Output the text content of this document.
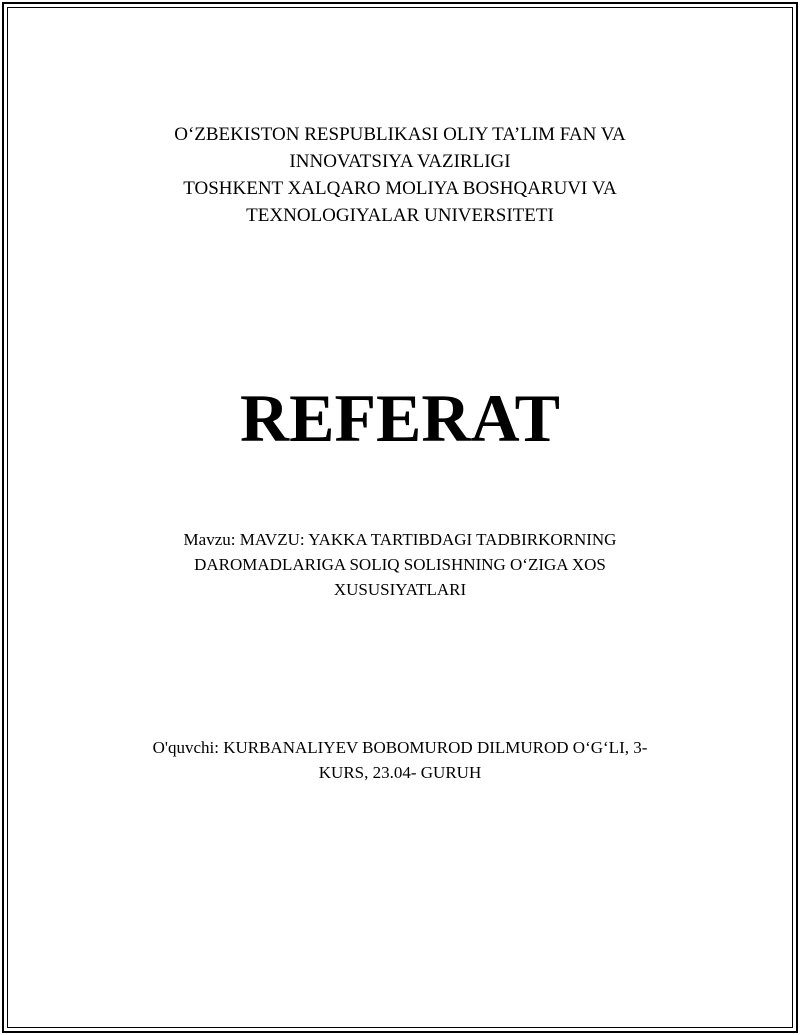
O‘ZBEKISTON RESPUBLIKASI OLIY TA’LIM FAN VA
INNOVATSIYA VAZIRLIGI
TOSHKENT XALQARO MOLIYA BOSHQARUVI VA
TEXNOLOGIYALAR UNIVERSITETI
REFERAT
Mavzu: MAVZU: YAKKA TARTIBDAGI TADBIRKORNING
DAROMADLARIGA SOLIQ SOLISHNING O‘ZIGA XOS
XUSUSIYATLARI
O'quvchi: KURBANALIYEV BOBOMUROD DILMUROD O‘G‘LI, 3-
KURS, 23.04- GURUH
